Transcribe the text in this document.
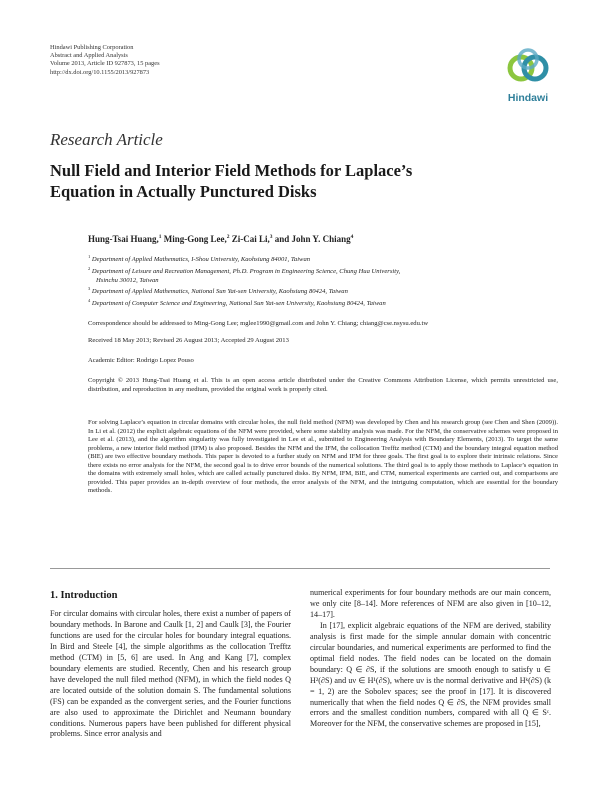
Hindawi Publishing Corporation
Abstract and Applied Analysis
Volume 2013, Article ID 927873, 15 pages
http://dx.doi.org/10.1155/2013/927873
Hindawi
Research Article
Null Field and Interior Field Methods for Laplace’s
Equation in Actually Punctured Disks
Hung-Tsai Huang,$^1$ Ming-Gong Lee,$^2$ Zi-Cai Li,$^3$ and John Y. Chiang$^4$
$^1$ Department of Applied Mathematics, I-Shou University, Kaohsiung 84001, Taiwan
$^2$ Department of Leisure and Recreation Management, Ph.D. Program in Engineering Science, Chung Hua University,
Hsinchu 30012, Taiwan
$^3$ Department of Applied Mathematics, National Sun Yat-sen University, Kaohsiung 80424, Taiwan
$^4$ Department of Computer Science and Engineering, National Sun Yat-sen University, Kaohsiung 80424, Taiwan
Correspondence should be addressed to Ming-Gong Lee; mglee1990@gmail.com and John Y. Chiang; chiang@cse.nsysu.edu.tw
Received 18 May 2013; Revised 26 August 2013; Accepted 29 August 2013
Academic Editor: Rodrigo Lopez Pouso
Copyright © 2013 Hung-Tsai Huang et al. This is an open access article distributed under the Creative Commons Attribution License, which permits unrestricted use, distribution, and reproduction in any medium, provided the original work is properly cited.
For solving Laplace’s equation in circular domains with circular holes, the null field method (NFM) was developed by Chen and his research group (see Chen and Shen (2009)). In Li et al. (2012) the explicit algebraic equations of the NFM were provided, where some stability analysis was made. For the NFM, the conservative schemes were proposed in Lee et al. (2013), and the algorithm singularity was fully investigated in Lee et al., submitted to Engineering Analysis with Boundary Elements, (2013). To target the same problems, a new interior field method (IFM) is also proposed. Besides the NFM and the IFM, the collocation Trefftz method (CTM) and the boundary integral equation method (BIE) are two effective boundary methods. This paper is devoted to a further study on NFM and IFM for three goals. The first goal is to explore their intrinsic relations. Since there exists no error analysis for the NFM, the second goal is to drive error bounds of the numerical solutions. The third goal is to apply those methods to Laplace’s equation in the domains with extremely small holes, which are called actually punctured disks. By NFM, IFM, BIE, and CTM, numerical experiments are carried out, and comparisons are provided. This paper provides an in-depth overview of four methods, the error analysis of the NFM, and the intriguing computation, which are essential for the boundary methods.
1. Introduction

For circular domains with circular holes, there exist a number of papers of boundary methods. In Barone and Caulk [1, 2] and Caulk [3], the Fourier functions are used for the circular holes for boundary integral equations. In Bird and Steele [4], the simple algorithms as the collocation Trefftz method (CTM) in [5, 6] are used. In Ang and Kang [7], complex boundary elements are studied. Recently, Chen and his research group have developed the null filed method (NFM), in which the field nodes Q are located outside of the solution domain S. The fundamental solutions (FS) can be expanded as the convergent series, and the Fourier functions are also used to approximate the Dirichlet and Neumann boundary conditions. Numerous papers have been published for different physical problems. Since error analysis and

numerical experiments for four boundary methods are our main concern, we only cite [8–14]. More references of NFM are also given in [10–12, 14–17].

In [17], explicit algebraic equations of the NFM are derived, stability analysis is first made for the simple annular domain with concentric circular boundaries, and numerical experiments are performed to find the optimal field nodes. The field nodes can be located on the domain boundary: Q ∈ ∂S, if the solutions are smooth enough to satisfy u ∈ H²(∂S) and uν ∈ H¹(∂S), where uν is the normal derivative and Hᵏ(∂S) (k = 1, 2) are the Sobolev spaces; see the proof in [17]. It is discovered numerically that when the field nodes Q ∈ ∂S, the NFM provides small errors and the smallest condition numbers, compared with all Q ∈ Sᶜ. Moreover for the NFM, the conservative schemes are proposed in [15],
